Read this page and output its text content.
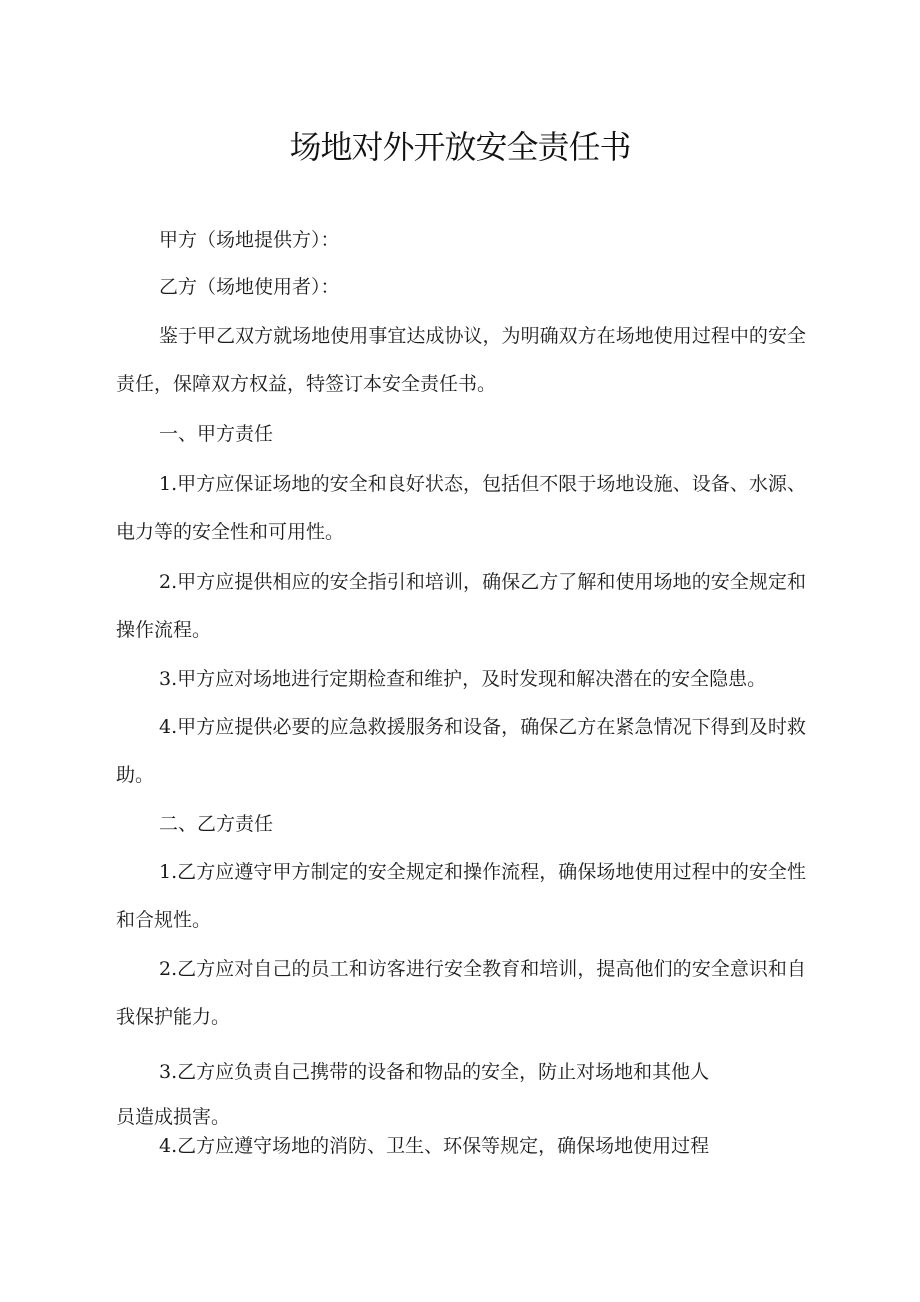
场地对外开放安全责任书

甲方（场地提供方）：

乙方（场地使用者）：

鉴于甲乙双方就场地使用事宜达成协议，为明确双方在场地使用过程中的安全责任，保障双方权益，特签订本安全责任书。

一、甲方责任

1.甲方应保证场地的安全和良好状态，包括但不限于场地设施、设备、水源、电力等的安全性和可用性。

2.甲方应提供相应的安全指引和培训，确保乙方了解和使用场地的安全规定和操作流程。

3.甲方应对场地进行定期检查和维护，及时发现和解决潜在的安全隐患。

4.甲方应提供必要的应急救援服务和设备，确保乙方在紧急情况下得到及时救助。

二、乙方责任

1.乙方应遵守甲方制定的安全规定和操作流程，确保场地使用过程中的安全性和合规性。

2.乙方应对自己的员工和访客进行安全教育和培训，提高他们的安全意识和自我保护能力。

3.乙方应负责自己携带的设备和物品的安全，防止对场地和其他人

员造成损害。

4.乙方应遵守场地的消防、卫生、环保等规定，确保场地使用过程
